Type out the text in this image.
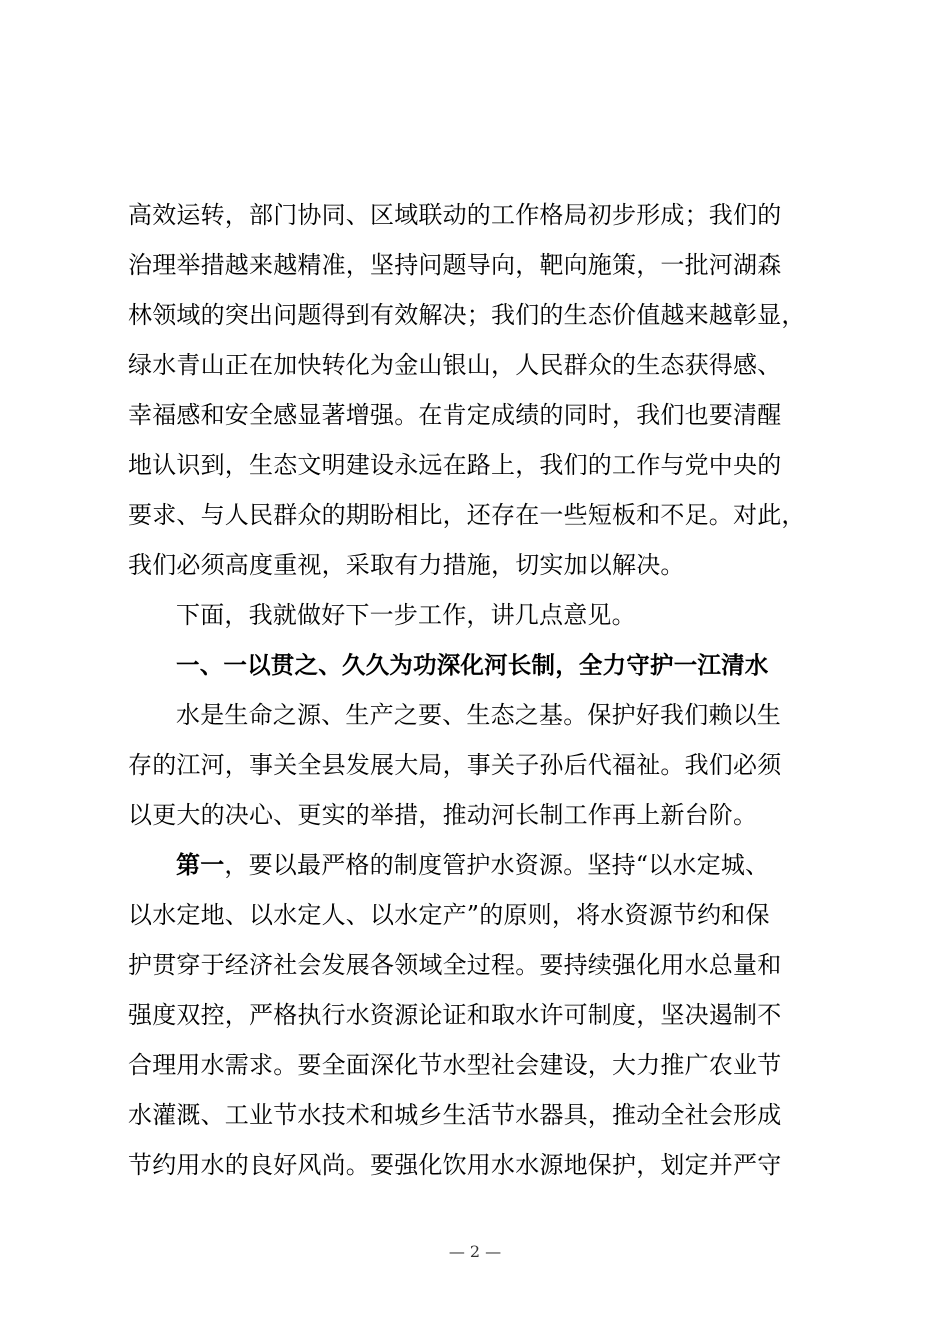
高效运转，部门协同、区域联动的工作格局初步形成；我们的
治理举措越来越精准，坚持问题导向，靶向施策，一批河湖森
林领域的突出问题得到有效解决；我们的生态价值越来越彰显，
绿水青山正在加快转化为金山银山，人民群众的生态获得感、
幸福感和安全感显著增强。在肯定成绩的同时，我们也要清醒
地认识到，生态文明建设永远在路上，我们的工作与党中央的
要求、与人民群众的期盼相比，还存在一些短板和不足。对此，
我们必须高度重视，采取有力措施，切实加以解决。
下面，我就做好下一步工作，讲几点意见。
一、一以贯之、久久为功深化河长制，全力守护一江清水
水是生命之源、生产之要、生态之基。保护好我们赖以生
存的江河，事关全县发展大局，事关子孙后代福祉。我们必须
以更大的决心、更实的举措，推动河长制工作再上新台阶。
第一，要以最严格的制度管护水资源。坚持“以水定城、
以水定地、以水定人、以水定产”的原则，将水资源节约和保
护贯穿于经济社会发展各领域全过程。要持续强化用水总量和
强度双控，严格执行水资源论证和取水许可制度，坚决遏制不
合理用水需求。要全面深化节水型社会建设，大力推广农业节
水灌溉、工业节水技术和城乡生活节水器具，推动全社会形成
节约用水的良好风尚。要强化饮用水水源地保护，划定并严守
— 2 —
